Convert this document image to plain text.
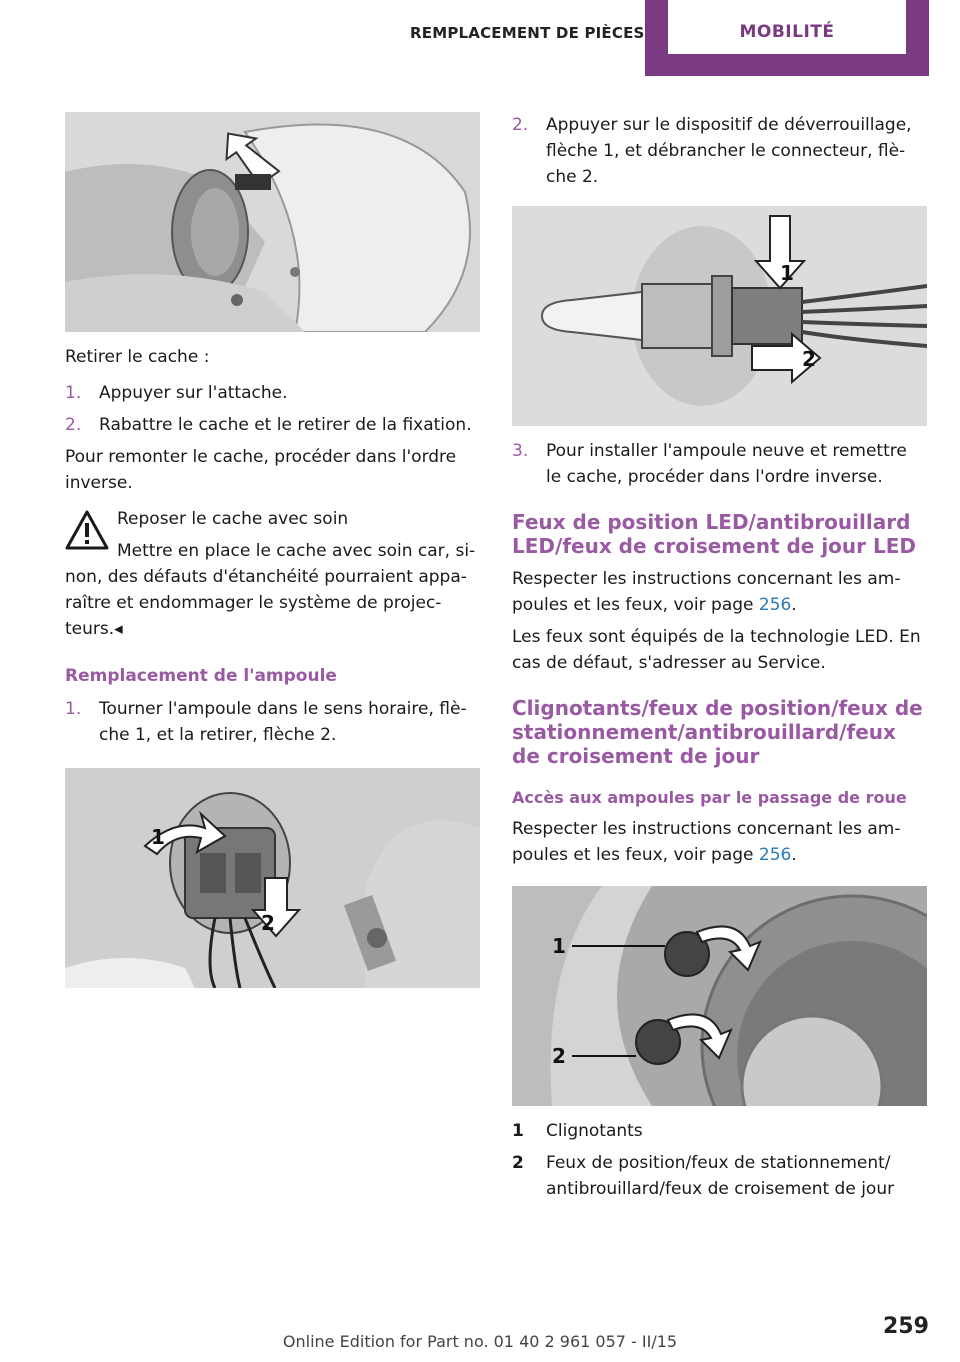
REMPLACEMENT DE PIÈCES	MOBILITÉ
Retirer le cache :
1. Appuyer sur l'attache.
2. Rabattre le cache et le retirer de la fixation.
Pour remonter le cache, procéder dans l'ordre inverse.
Reposer le cache avec soin
Mettre en place le cache avec soin car, si-non, des défauts d'étanchéité pourraient appa-raître et endommager le système de projec-teurs.◂
Remplacement de l'ampoule
1. Tourner l'ampoule dans le sens horaire, flè-che 1, et la retirer, flèche 2.
1
2
2. Appuyer sur le dispositif de déverrouillage, flèche 1, et débrancher le connecteur, flè-che 2.
1
2
3. Pour installer l'ampoule neuve et remettre le cache, procéder dans l'ordre inverse.
Feux de position LED/antibrouillard LED/feux de croisement de jour LED
Respecter les instructions concernant les am-poules et les feux, voir page 256.
Les feux sont équipés de la technologie LED. En cas de défaut, s'adresser au Service.
Clignotants/feux de position/feux de stationnement/antibrouillard/feux de croisement de jour
Accès aux ampoules par le passage de roue
Respecter les instructions concernant les am-poules et les feux, voir page 256.
1
2
1 Clignotants
2 Feux de position/feux de stationnement/ antibrouillard/feux de croisement de jour
259
Online Edition for Part no. 01 40 2 961 057 - II/15
